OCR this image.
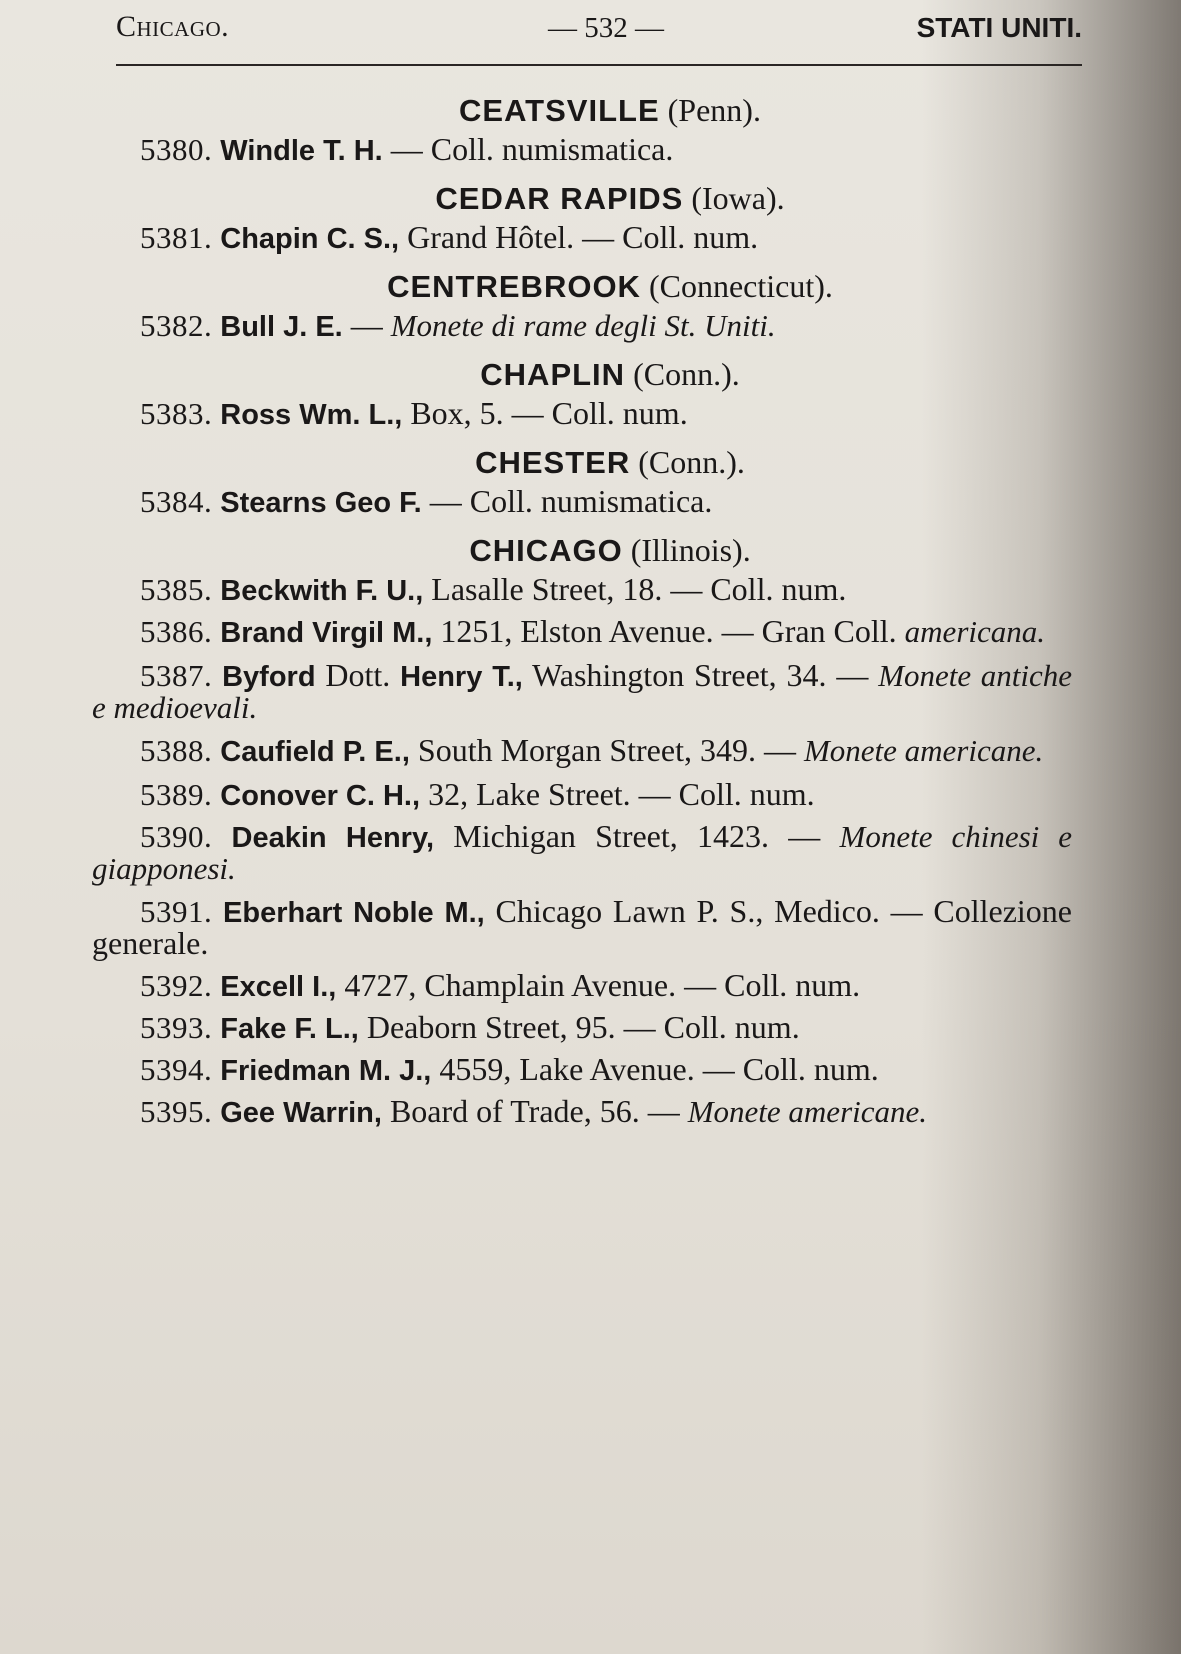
Chicago.	— 532 —	STATI UNITI.
CEATSVILLE (Penn).
5380. Windle T. H. — Coll. numismatica.
CEDAR RAPIDS (Iowa).
5381. Chapin C. S., Grand Hôtel. — Coll. num.
CENTREBROOK (Connecticut).
5382. Bull J. E. — Monete di rame degli St. Uniti.
CHAPLIN (Conn.).
5383. Ross Wm. L., Box, 5. — Coll. num.
CHESTER (Conn.).
5384. Stearns Geo F. — Coll. numismatica.
CHICAGO (Illinois).
5385. Beckwith F. U., Lasalle Street, 18. — Coll. num.
5386. Brand Virgil M., 1251, Elston Avenue. — Gran Coll. americana.
5387. Byford Dott. Henry T., Washington Street, 34. — Monete antiche e medioevali.
5388. Caufield P. E., South Morgan Street, 349. — Monete americane.
5389. Conover C. H., 32, Lake Street. — Coll. num.
5390. Deakin Henry, Michigan Street, 1423. — Monete chinesi e giapponesi.
5391. Eberhart Noble M., Chicago Lawn P. S., Medico. — Collezione generale.
5392. Excell I., 4727, Champlain Avenue. — Coll. num.
5393. Fake F. L., Deaborn Street, 95. — Coll. num.
5394. Friedman M. J., 4559, Lake Avenue. — Coll. num.
5395. Gee Warrin, Board of Trade, 56. — Monete americane.
